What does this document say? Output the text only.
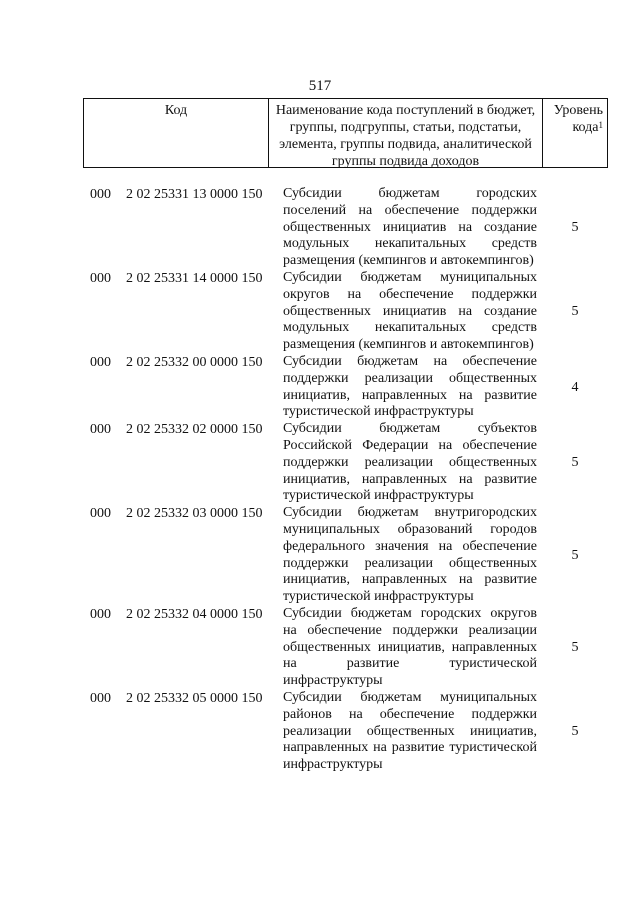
517
Код	Наименование кода поступлений в бюджет, группы, подгруппы, статьи, подстатьи, элемента, группы подвида, аналитической группы подвида доходов
Уровень кода$^1$
000 2 02 25331 13 0000 150 Субсидии бюджетам городских поселений на обеспечение поддержки общественных инициатив на создание модульных некапитальных средств размещения (кемпингов и автокемпингов)
5
000 2 02 25331 14 0000 150 Субсидии бюджетам муниципальных округов на обеспечение поддержки общественных инициатив на создание модульных некапитальных средств размещения (кемпингов и автокемпингов)
5
000 2 02 25332 00 0000 150 Субсидии бюджетам на обеспечение поддержки реализации общественных инициатив, направленных на развитие туристической инфраструктуры
4
000 2 02 25332 02 0000 150 Субсидии бюджетам субъектов Российской Федерации на обеспечение поддержки реализации общественных инициатив, направленных на развитие туристической инфраструктуры
5
000 2 02 25332 03 0000 150 Субсидии бюджетам внутригородских муниципальных образований городов федерального значения на обеспечение поддержки реализации общественных инициатив, направленных на развитие туристической инфраструктуры
5
000 2 02 25332 04 0000 150 Субсидии бюджетам городских округов на обеспечение поддержки реализации общественных инициатив, направленных на развитие туристической инфраструктуры
5
000 2 02 25332 05 0000 150 Субсидии бюджетам муниципальных районов на обеспечение поддержки реализации общественных инициатив, направленных на развитие туристической инфраструктуры
5
